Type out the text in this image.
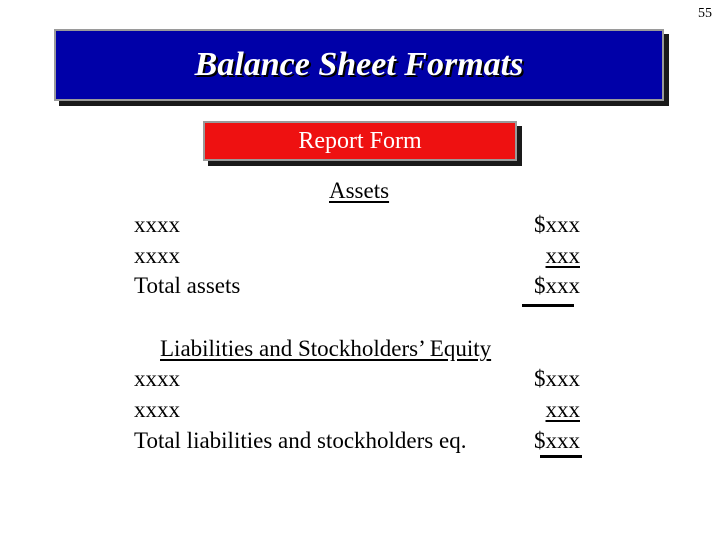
55
Balance Sheet Formats
Report Form
Assets
xxxx	$xxx
xxxx	xxx
Total assets	$xxx
Liabilities and Stockholders’ Equity
xxxx	$xxx
xxxx	xxx
Total liabilities and stockholders eq.	$xxx
